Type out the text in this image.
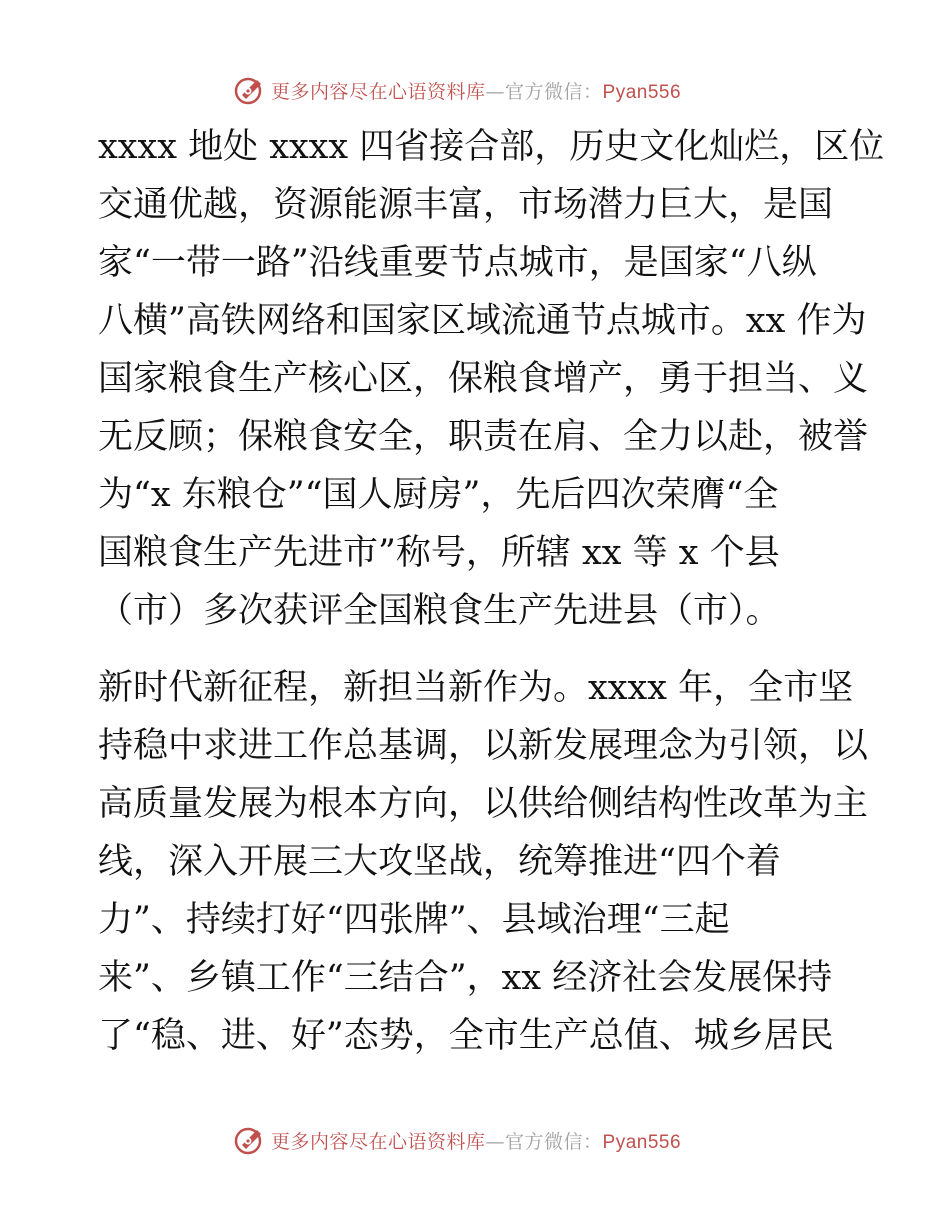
更多内容尽在心语资料库—官方微信：Pyan556
xxxx 地处 xxxx 四省接合部，历史文化灿烂，区位
交通优越，资源能源丰富，市场潜力巨大，是国
家“一带一路”沿线重要节点城市，是国家“八纵
八横”高铁网络和国家区域流通节点城市。xx 作为
国家粮食生产核心区，保粮食增产，勇于担当、义
无反顾；保粮食安全，职责在肩、全力以赴，被誉
为“x 东粮仓”“国人厨房”，先后四次荣膺“全
国粮食生产先进市”称号，所辖 xx 等 x 个县
（市）多次获评全国粮食生产先进县（市）。
新时代新征程，新担当新作为。xxxx 年，全市坚
持稳中求进工作总基调，以新发展理念为引领，以
高质量发展为根本方向，以供给侧结构性改革为主
线，深入开展三大攻坚战，统筹推进“四个着
力”、持续打好“四张牌”、县域治理“三起
来”、乡镇工作“三结合”，xx 经济社会发展保持
了“稳、进、好”态势，全市生产总值、城乡居民
更多内容尽在心语资料库—官方微信：Pyan556
